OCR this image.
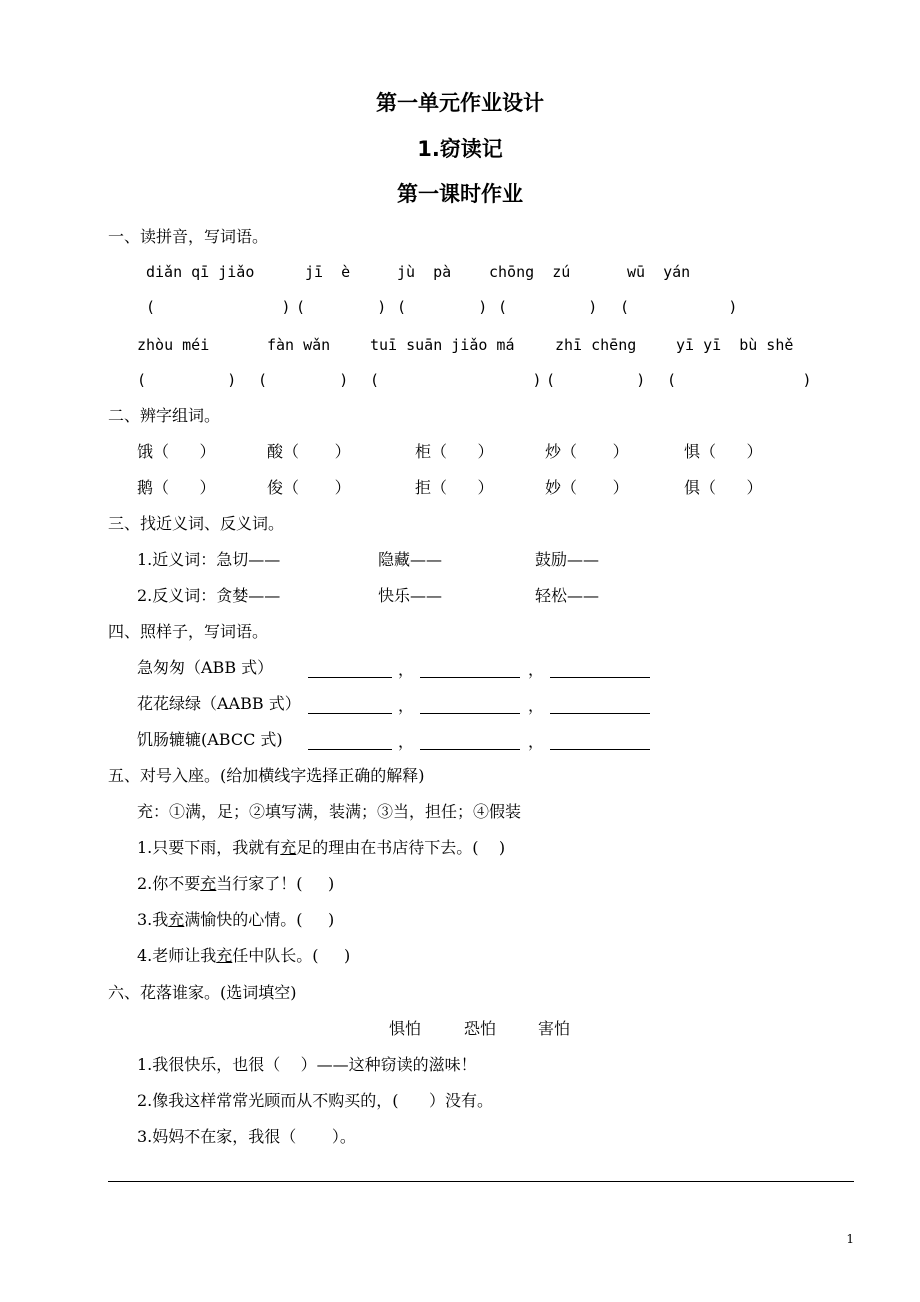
第一单元作业设计
1.窃读记
第一课时作业
一、读拼音，写词语。
diǎn qī jiǎo	jī  è	jù  pà	chōng  zú	wū  yán
(              ) (        ) (        ) (         ) (           )
zhòu méi	fàn wǎn	tuī suān jiǎo má	zhī chēng	yī yī  bù shě
(         ) (        ) (                 ) (         ) (              )
二、辨字组词。
饿（      ）	酸（       ）	柜（      ）	炒（       ）	惧（      ）
鹅（      ）	俊（       ）	拒（      ）	妙（       ）	俱（      ）
三、找近义词、反义词。
1.近义词：急切——	隐藏——	鼓励——
2.反义词：贪婪——	快乐——	轻松——
四、照样子，写词语。
急匆匆（ABB 式）	，	，
花花绿绿（AABB 式）	，	，
饥肠辘辘(ABCC 式)	，	，
五、对号入座。(给加横线字选择正确的解释)
充：①满，足；②填写满，装满；③当，担任；④假装
1.只要下雨，我就有充足的理由在书店待下去。(    )
2.你不要充当行家了！(     )
3.我充满愉快的心情。(     )
4.老师让我充任中队长。(     )
六、花落谁家。(选词填空)
惧怕	恐怕	害怕
1.我很快乐，也很（    ）——这种窃读的滋味！
2.像我这样常常光顾而从不购买的，(      ）没有。
3.妈妈不在家，我很（       ）。
1
